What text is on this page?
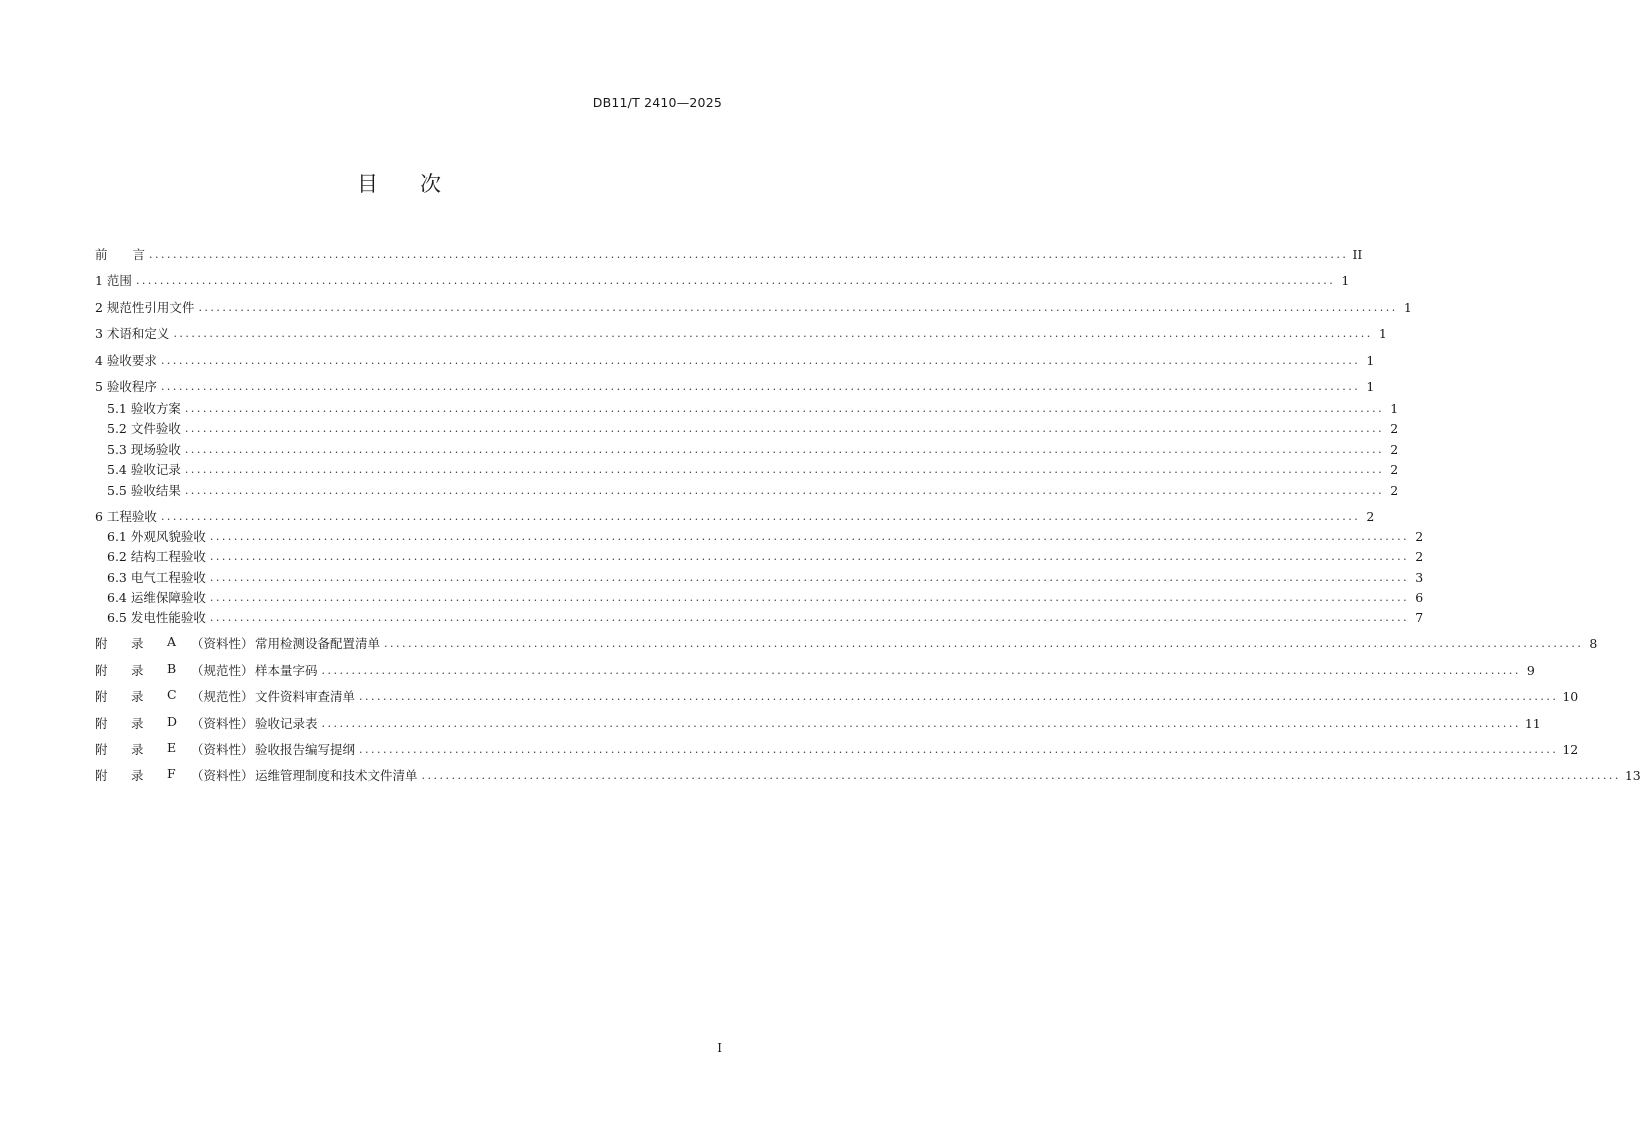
DB11/T 2410—2025
目 次
前　　言 ........................................................................................................................................................................................................ II
1 范围 ........................................................................................................................................................................................................ 1
2 规范性引用文件 ........................................................................................................................................................................................................ 1
3 术语和定义 ........................................................................................................................................................................................................ 1
4 验收要求 ........................................................................................................................................................................................................ 1
5 验收程序 ........................................................................................................................................................................................................ 1
5.1 验收方案 ........................................................................................................................................................................................................ 1
5.2 文件验收 ........................................................................................................................................................................................................ 2
5.3 现场验收 ........................................................................................................................................................................................................ 2
5.4 验收记录 ........................................................................................................................................................................................................ 2
5.5 验收结果 ........................................................................................................................................................................................................ 2
6 工程验收 ........................................................................................................................................................................................................ 2
6.1 外观风貌验收 ........................................................................................................................................................................................................ 2
6.2 结构工程验收 ........................................................................................................................................................................................................ 2
6.3 电气工程验收 ........................................................................................................................................................................................................ 3
6.4 运维保障验收 ........................................................................................................................................................................................................ 6
6.5 发电性能验收 ........................................................................................................................................................................................................ 7
附	录	A	（资料性） 常用检测设备配置清单 ........................................................................................................................................................................................................ 8
附	录	B	（规范性） 样本量字码 ........................................................................................................................................................................................................ 9
附	录	C	（规范性） 文件资料审查清单 ........................................................................................................................................................................................................ 10
附	录	D	（资料性） 验收记录表 ........................................................................................................................................................................................................ 11
附	录	E	（资料性） 验收报告编写提纲 ........................................................................................................................................................................................................ 12
附	录	F	（资料性） 运维管理制度和技术文件清单 ........................................................................................................................................................................................................ 13
I
